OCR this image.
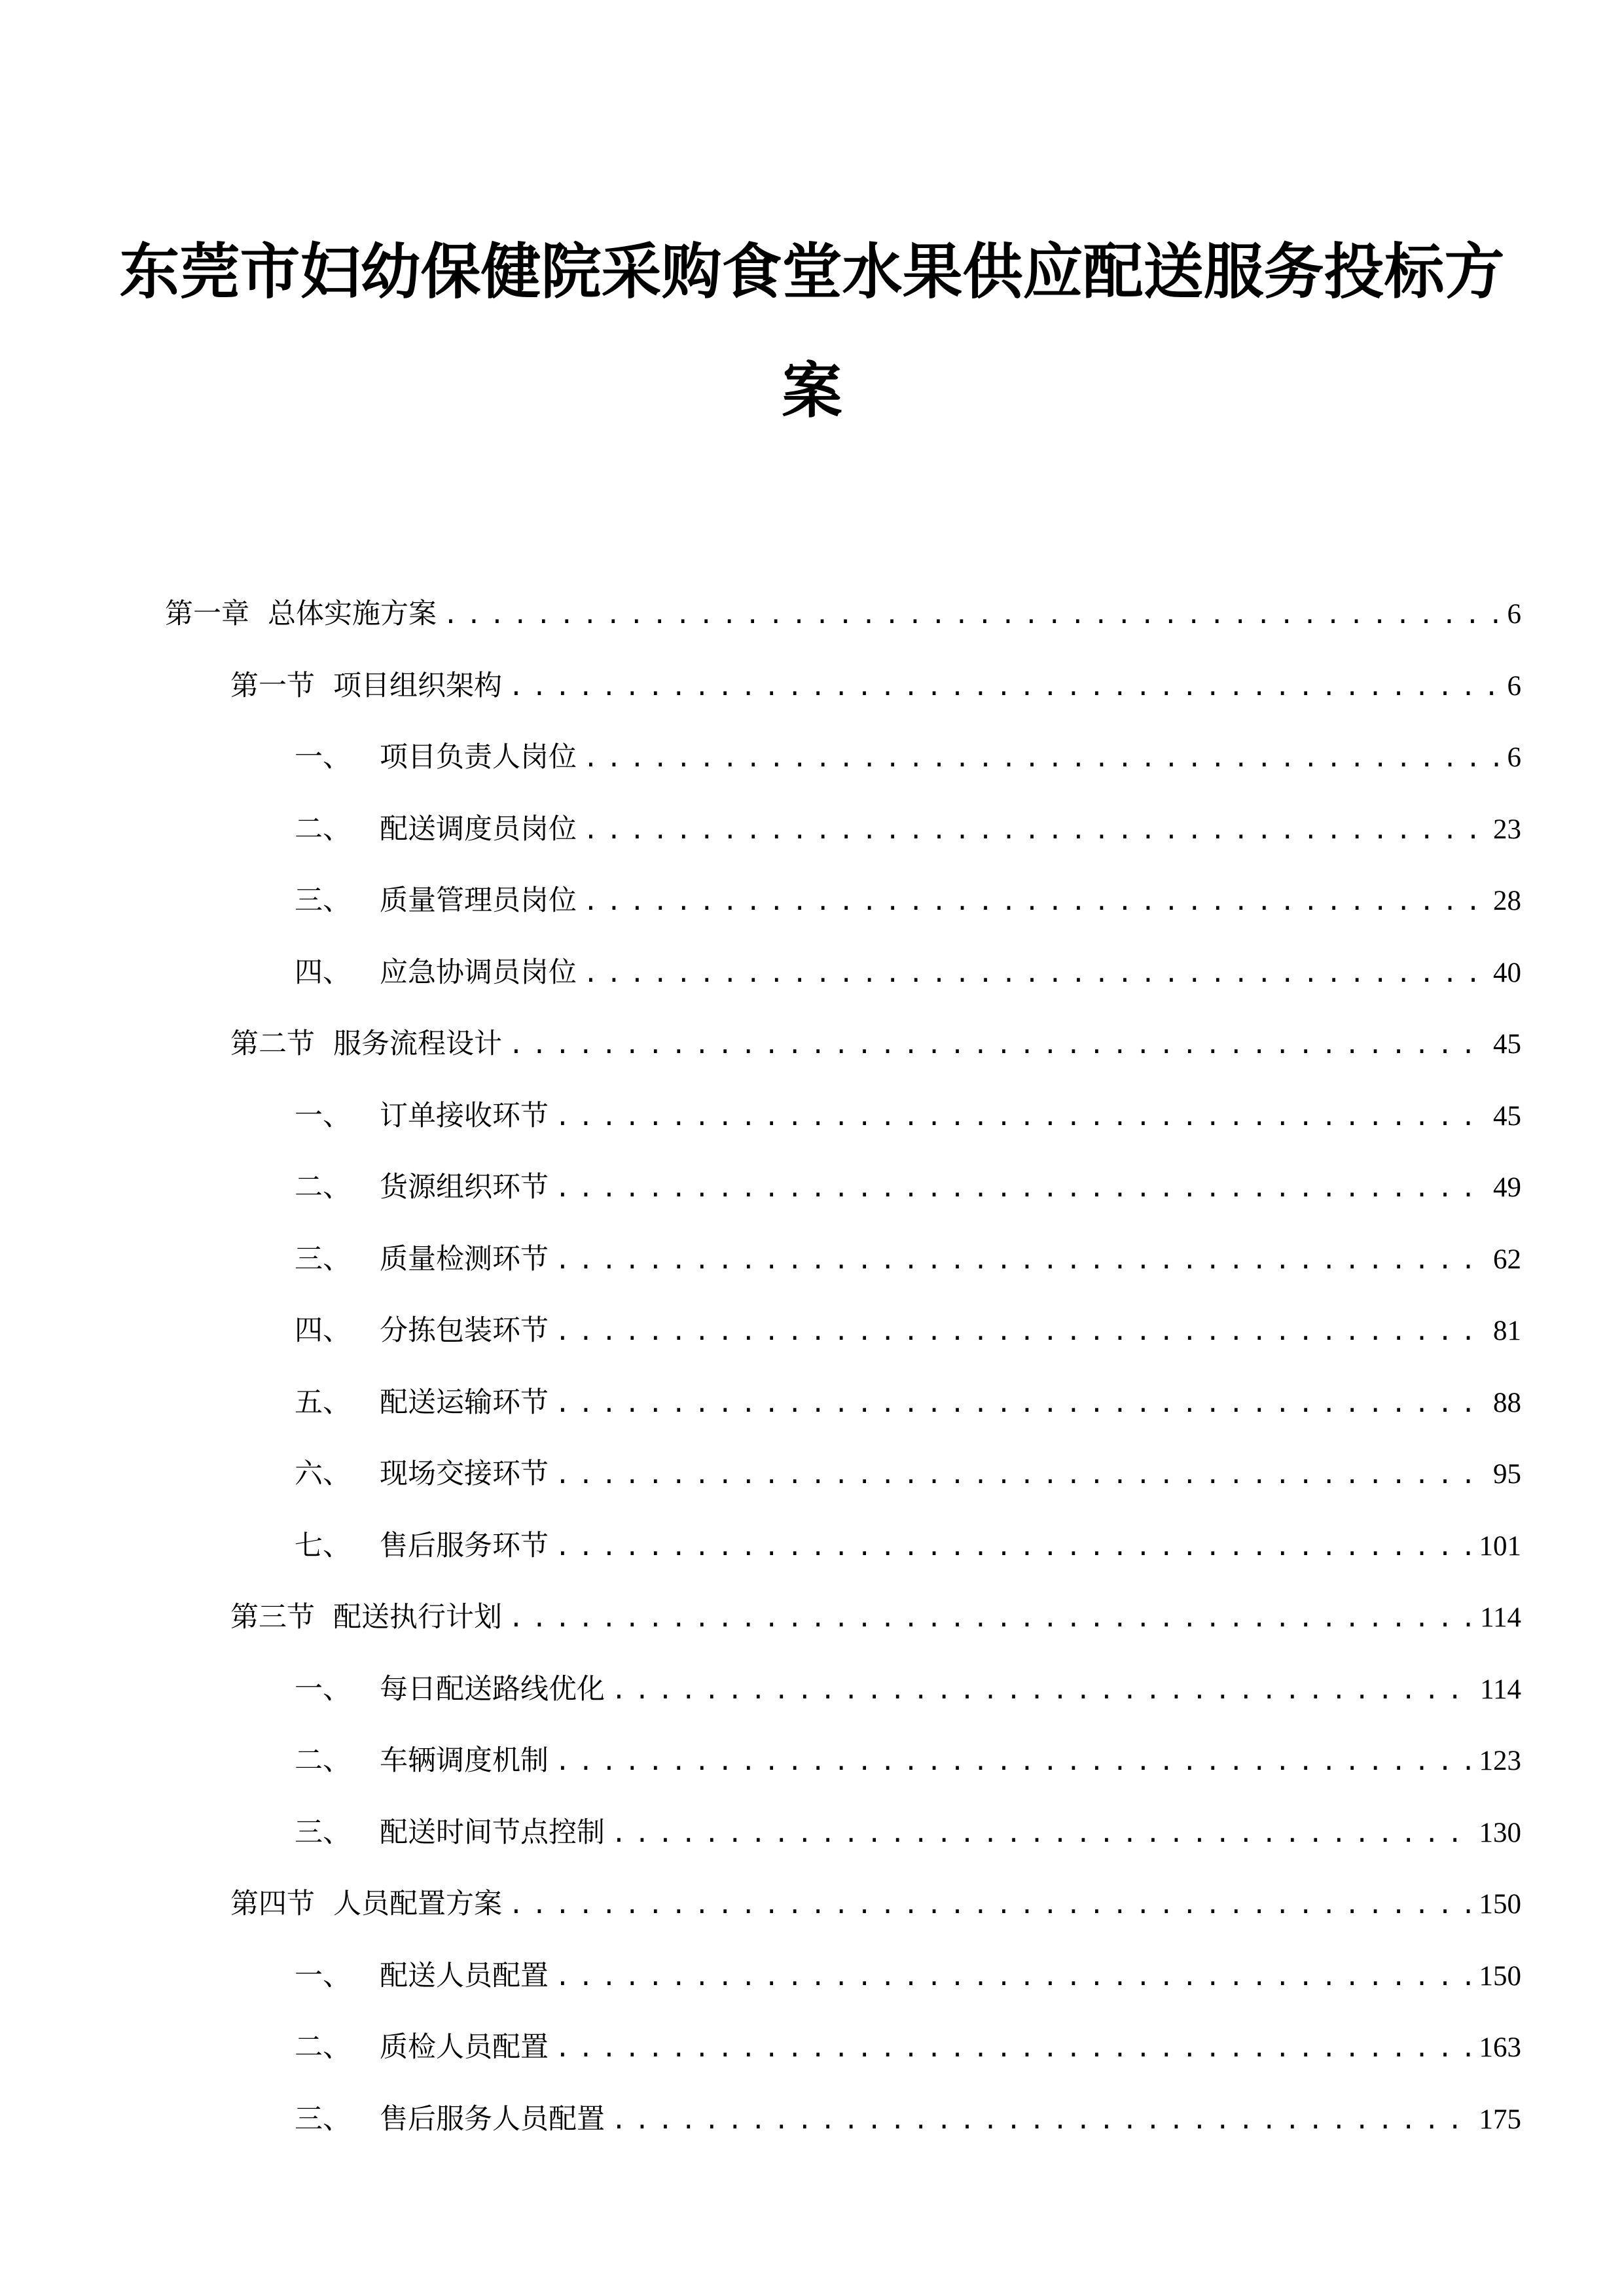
东莞市妇幼保健院采购食堂水果供应配送服务投标方
案
第一章 总体实施方案 .....	6
第一节 项目组织架构 .....	6
一、	项目负责人岗位 .....	6
二、	配送调度员岗位 .....	23
三、	质量管理员岗位 .....	28
四、	应急协调员岗位 .....	40
第二节 服务流程设计 .....	45
一、	订单接收环节 .....	45
二、	货源组织环节 .....	49
三、	质量检测环节 .....	62
四、	分拣包装环节 .....	81
五、	配送运输环节 .....	88
六、	现场交接环节 .....	95
七、	售后服务环节 .....	101
第三节 配送执行计划 .....	114
一、	每日配送路线优化 .....	114
二、	车辆调度机制 .....	123
三、	配送时间节点控制 .....	130
第四节 人员配置方案 .....	150
一、	配送人员配置 .....	150
二、	质检人员配置 .....	163
三、	售后服务人员配置 .....	175
